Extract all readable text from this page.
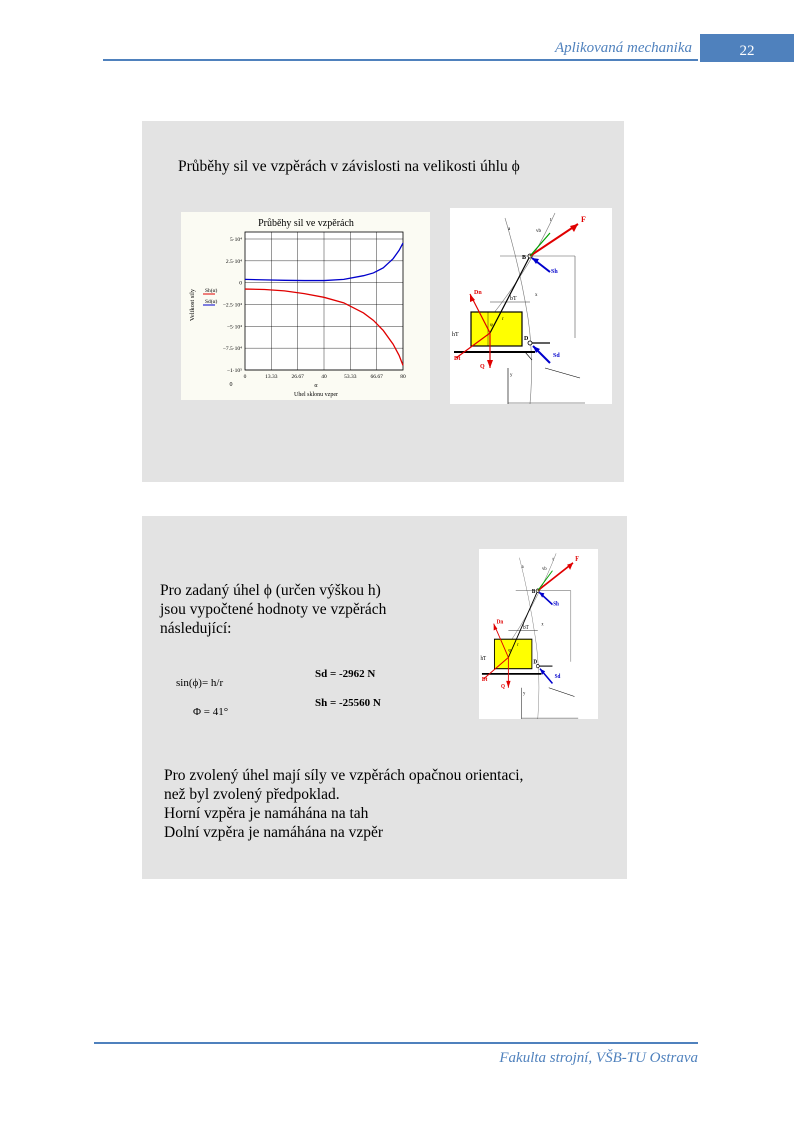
Aplikovaná mechanika	22
Průběhy sil ve vzpěrách v závislosti na velikosti úhlu ϕ
Průběhy sil ve vzpěrách
Velikost sily
Uhel sklonu vzper
α
0
5·10⁴
2.5·10⁴
0
−2.5·10⁴
−5·10⁴
−7.5·10⁴
−1·10⁵
0	13.33	26.67	40	53.33	66.67	80
Sh(α)
Sd(α)
F
Sh
Sd
Dn
Dt
Q
B
D
hT
bT
a	vb
t
x
y
r
φ
F
Sh
Sd
Dn
Dt
Q
B
D
hT
bT
a	vb
t
x
y
r
φ
Pro zadaný úhel ϕ (určen výškou h)
jsou vypočtené hodnoty ve vzpěrách
následující:
sin(ϕ)= h/r
Φ = 41°
Sd = -2962 N
Sh = -25560 N
Pro zvolený úhel mají síly ve vzpěrách opačnou orientaci,
než byl zvolený předpoklad.
Horní vzpěra je namáhána na tah
Dolní vzpěra je namáhána na vzpěr
Fakulta strojní, VŠB-TU Ostrava
